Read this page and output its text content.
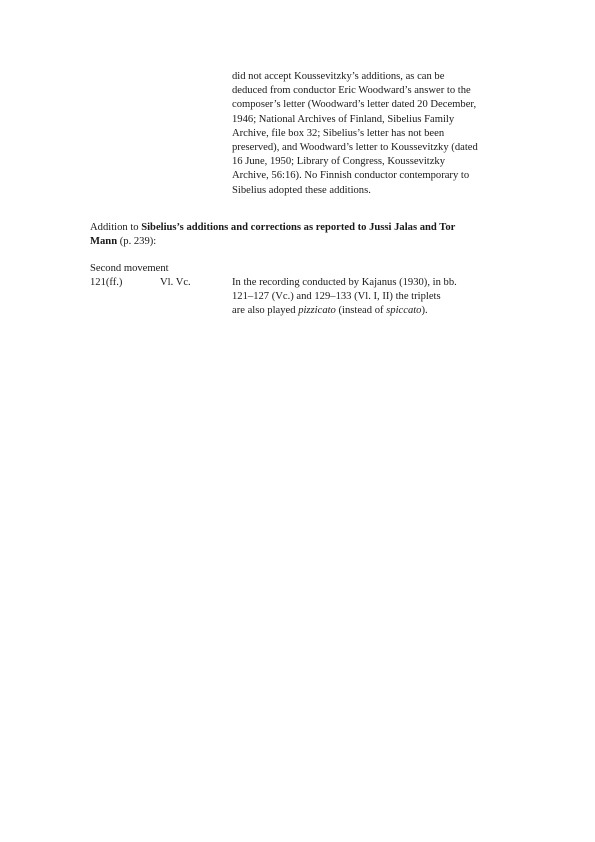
did not accept Koussevitzky’s additions, as can be
deduced from conductor Eric Woodward’s answer to the
composer’s letter (Woodward’s letter dated 20 December,
1946; National Archives of Finland, Sibelius Family
Archive, file box 32; Sibelius’s letter has not been
preserved), and Woodward’s letter to Koussevitzky (dated
16 June, 1950; Library of Congress, Koussevitzky
Archive, 56:16). No Finnish conductor contemporary to
Sibelius adopted these additions.
Addition to Sibelius’s additions and corrections as reported to Jussi Jalas and Tor
Mann (p. 239):
Second movement
121(ff.)	Vl. Vc.	In the recording conducted by Kajanus (1930), in bb.
121–127 (Vc.) and 129–133 (Vl. I, II) the triplets
are also played pizzicato (instead of spiccato).
